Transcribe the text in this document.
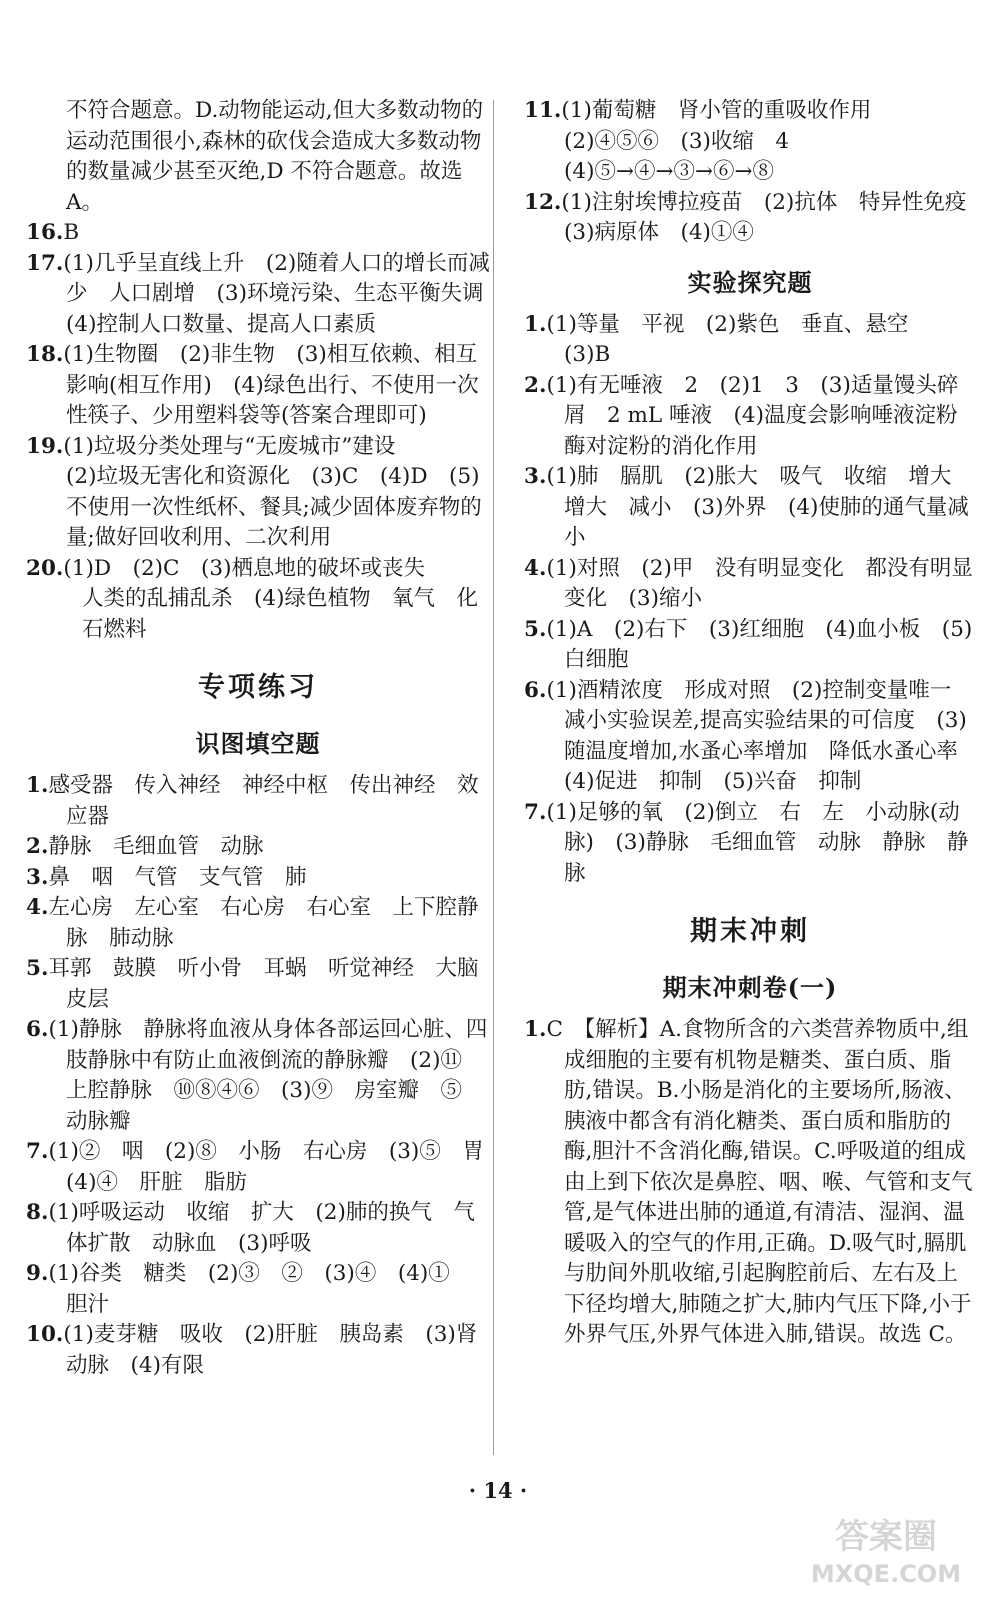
不符合题意。D.动物能运动,但大多数动物的运动范围很小,森林的砍伐会造成大多数动物的数量减少甚至灭绝,D 不符合题意。故选 A。

16.B

17.(1)几乎呈直线上升　(2)随着人口的增长而减少　人口剧增　(3)环境污染、生态平衡失调　(4)控制人口数量、提高人口素质

18.(1)生物圈　(2)非生物　(3)相互依赖、相互影响(相互作用)　(4)绿色出行、不使用一次性筷子、少用塑料袋等(答案合理即可)

19.(1)垃圾分类处理与“无废城市”建设

(2)垃圾无害化和资源化　(3)C　(4)D　(5)不使用一次性纸杯、餐具;减少固体废弃物的量;做好回收利用、二次利用

20.(1)D　(2)C　(3)栖息地的破坏或丧失

人类的乱捕乱杀　(4)绿色植物　氧气　化石燃料

专项练习
识图填空题

1.感受器　传入神经　神经中枢　传出神经　效应器

2.静脉　毛细血管　动脉

3.鼻　咽　气管　支气管　肺

4.左心房　左心室　右心房　右心室　上下腔静脉　肺动脉

5.耳郭　鼓膜　听小骨　耳蜗　听觉神经　大脑皮层

6.(1)静脉　静脉将血液从身体各部运回心脏、四肢静脉中有防止血液倒流的静脉瓣　(2)⑪　上腔静脉　⑩⑧④⑥　(3)⑨　房室瓣　⑤　动脉瓣

7.(1)②　咽　(2)⑧　小肠　右心房　(3)⑤　胃　(4)④　肝脏　脂肪

8.(1)呼吸运动　收缩　扩大　(2)肺的换气　气体扩散　动脉血　(3)呼吸

9.(1)谷类　糖类　(2)③　②　(3)④　(4)①　胆汁

10.(1)麦芽糖　吸收　(2)肝脏　胰岛素　(3)肾动脉　(4)有限

11.(1)葡萄糖　肾小管的重吸收作用

(2)④⑤⑥　(3)收缩　4　(4)⑤→④→③→⑥→⑧

12.(1)注射埃博拉疫苗　(2)抗体　特异性免疫　(3)病原体　(4)①④

实验探究题

1.(1)等量　平视　(2)紫色　垂直、悬空　(3)B

2.(1)有无唾液　2　(2)1　3　(3)适量馒头碎屑　2 mL 唾液　(4)温度会影响唾液淀粉酶对淀粉的消化作用

3.(1)肺　膈肌　(2)胀大　吸气　收缩　增大　增大　减小　(3)外界　(4)使肺的通气量减小

4.(1)对照　(2)甲　没有明显变化　都没有明显变化　(3)缩小

5.(1)A　(2)右下　(3)红细胞　(4)血小板　(5)白细胞

6.(1)酒精浓度　形成对照　(2)控制变量唯一　减小实验误差,提高实验结果的可信度　(3)随温度增加,水蚤心率增加　降低水蚤心率　(4)促进　抑制　(5)兴奋　抑制

7.(1)足够的氧　(2)倒立　右　左　小动脉(动脉)　(3)静脉　毛细血管　动脉　静脉　静脉

期末冲刺
期末冲刺卷(一)

1.C　【解析】A.食物所含的六类营养物质中,组成细胞的主要有机物是糖类、蛋白质、脂肪,错误。B.小肠是消化的主要场所,肠液、胰液中都含有消化糖类、蛋白质和脂肪的酶,胆汁不含消化酶,错误。C.呼吸道的组成由上到下依次是鼻腔、咽、喉、气管和支气管,是气体进出肺的通道,有清洁、湿润、温暖吸入的空气的作用,正确。D.吸气时,膈肌与肋间外肌收缩,引起胸腔前后、左右及上下径均增大,肺随之扩大,肺内气压下降,小于外界气压,外界气体进入肺,错误。故选 C。

· 14 ·
答案圈
MXQE.COM
